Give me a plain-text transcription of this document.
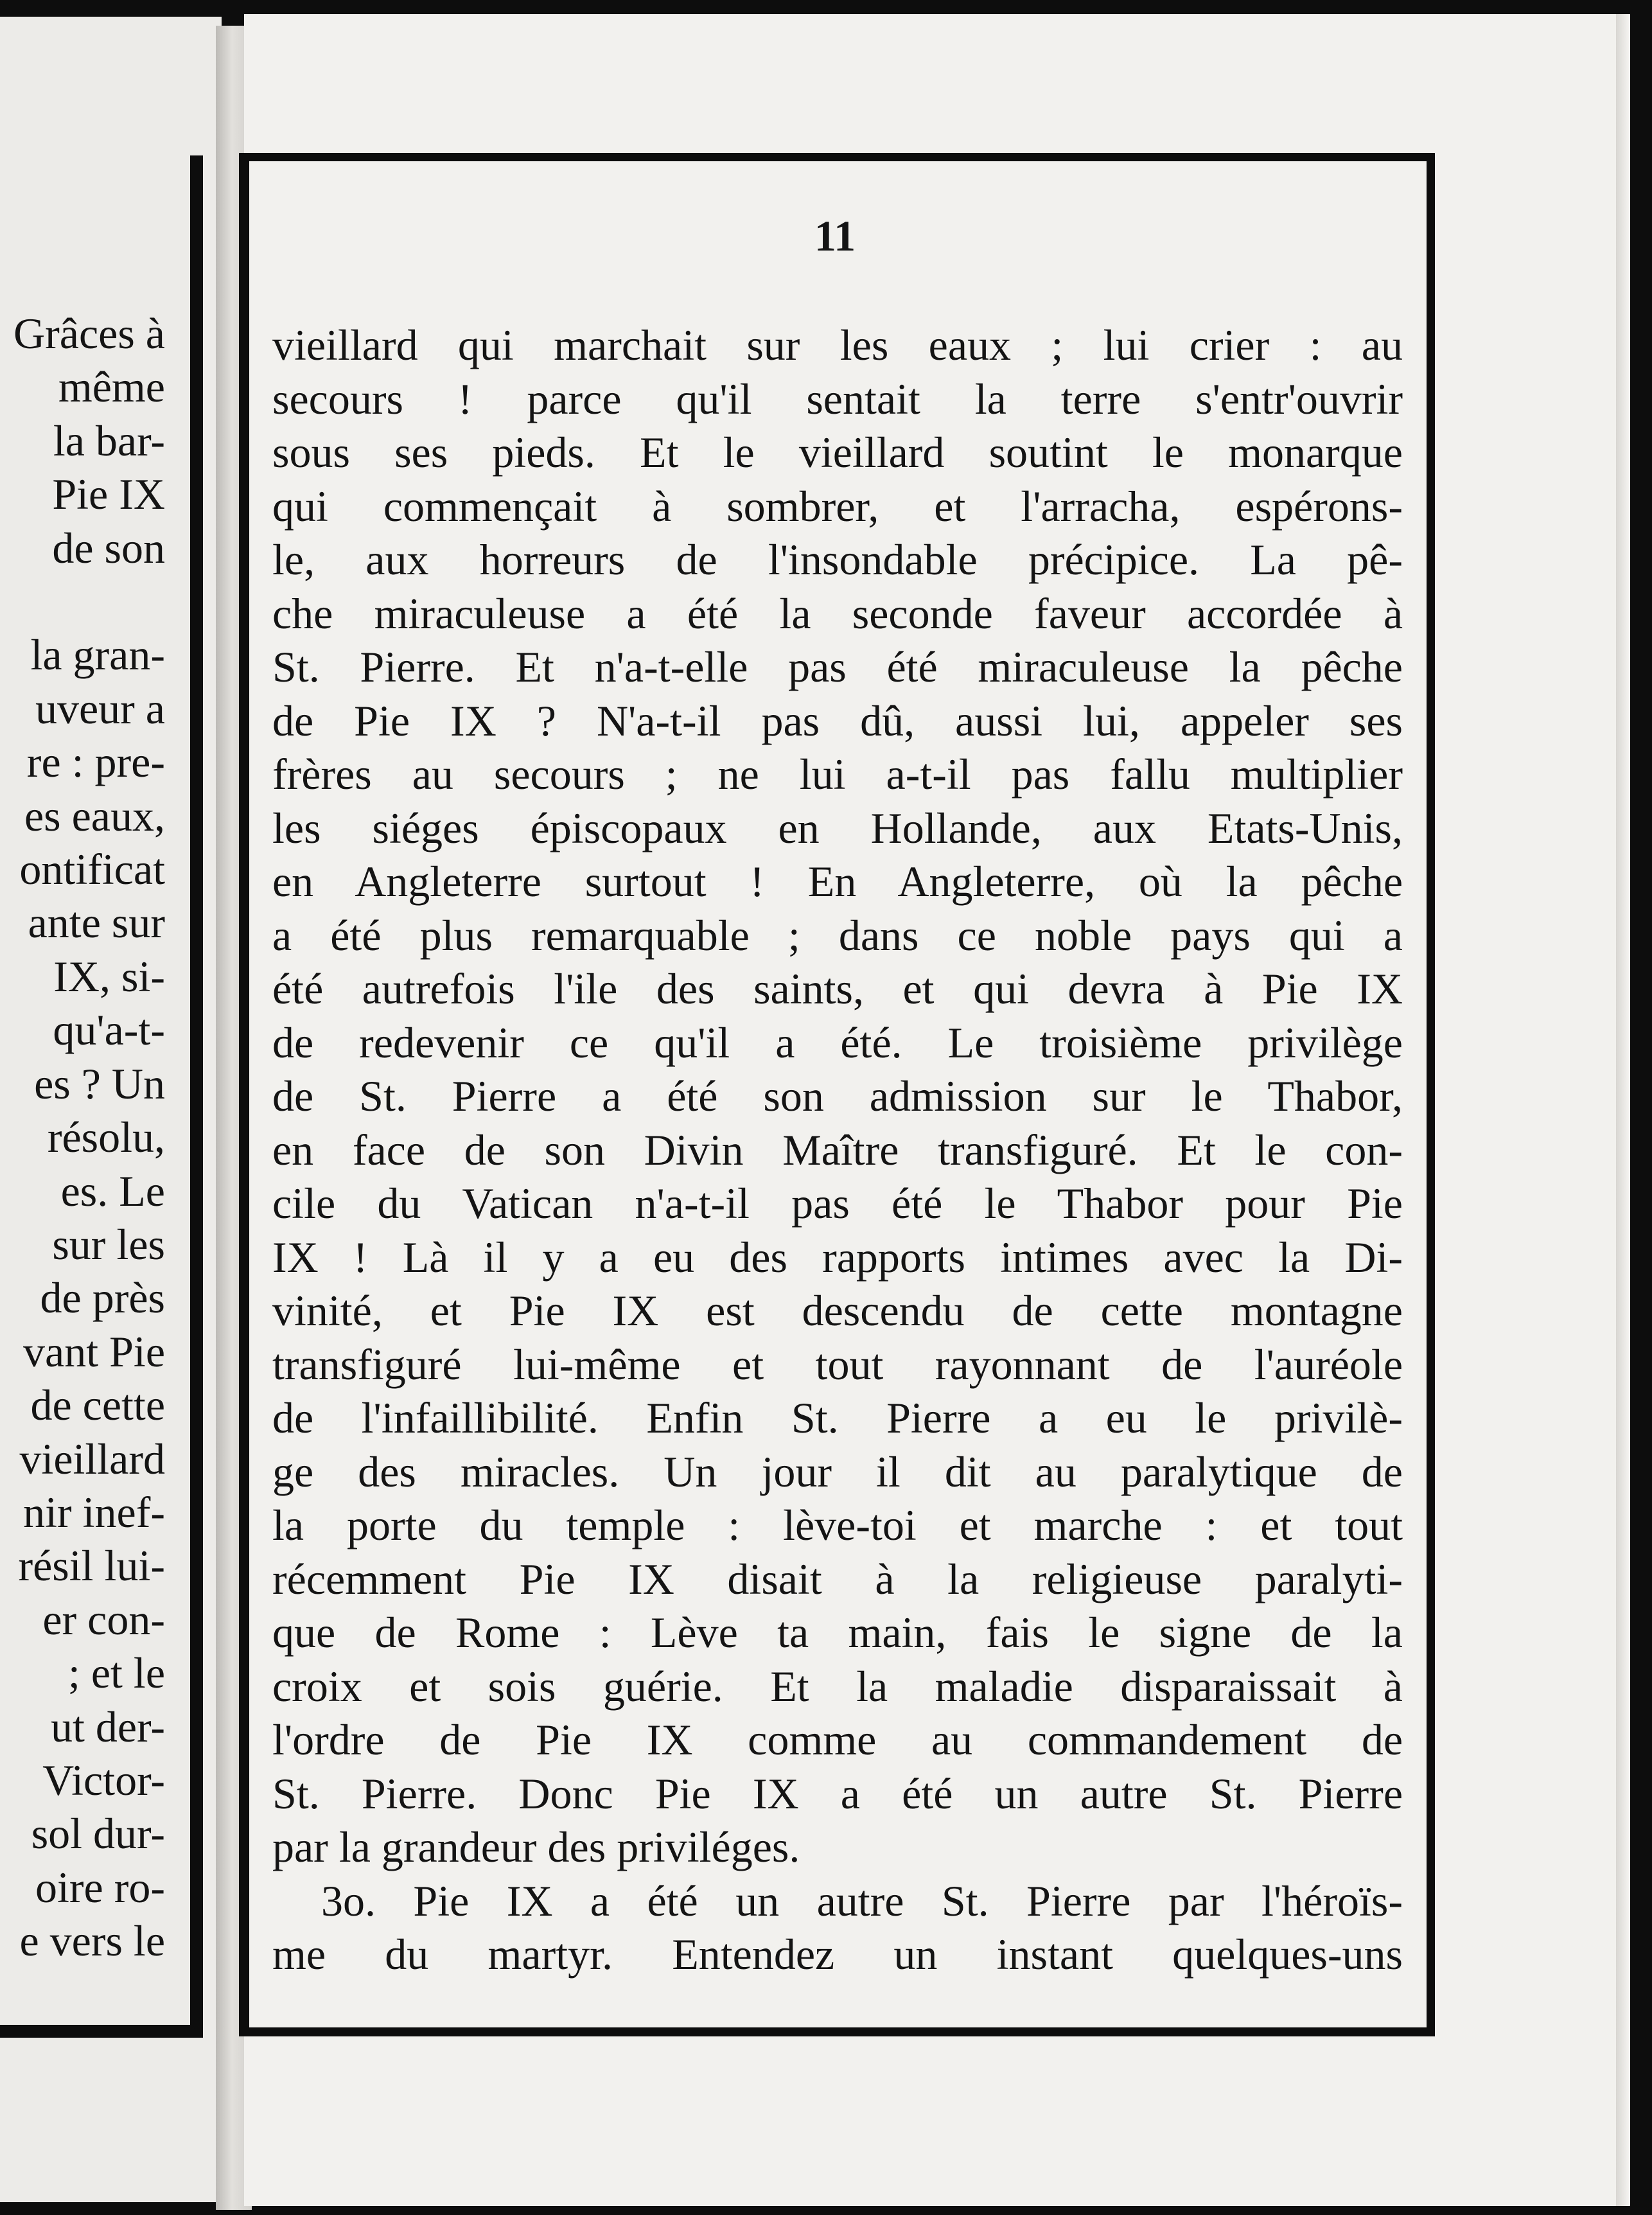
Grâces à
même
la bar-
Pie IX
de son

la gran-
uveur a
re : pre-
es eaux,
ontificat
ante sur
IX, si-
qu'a-t-
es ? Un
résolu,
es. Le
sur les
de près
vant Pie
de cette
vieillard
nir inef-
résil lui-
er con-
; et le
ut der-
Victor-
sol dur-
oire ro-
e vers le
11
vieillard qui marchait sur les eaux ; lui crier : au
secours ! parce qu'il sentait la terre s'entr'ouvrir
sous ses pieds. Et le vieillard soutint le monarque
qui commençait à sombrer, et l'arracha, espérons-
le, aux horreurs de l'insondable précipice. La pê-
che miraculeuse a été la seconde faveur accordée à
St. Pierre. Et n'a-t-elle pas été miraculeuse la pêche
de Pie IX ? N'a-t-il pas dû, aussi lui, appeler ses
frères au secours ; ne lui a-t-il pas fallu multiplier
les siéges épiscopaux en Hollande, aux Etats-Unis,
en Angleterre surtout ! En Angleterre, où la pêche
a été plus remarquable ; dans ce noble pays qui a
été autrefois l'ile des saints, et qui devra à Pie IX
de redevenir ce qu'il a été. Le troisième privilège
de St. Pierre a été son admission sur le Thabor,
en face de son Divin Maître transfiguré. Et le con-
cile du Vatican n'a-t-il pas été le Thabor pour Pie
IX ! Là il y a eu des rapports intimes avec la Di-
vinité, et Pie IX est descendu de cette montagne
transfiguré lui-même et tout rayonnant de l'auréole
de l'infaillibilité. Enfin St. Pierre a eu le privilè-
ge des miracles. Un jour il dit au paralytique de
la porte du temple : lève-toi et marche : et tout
récemment Pie IX disait à la religieuse paralyti-
que de Rome : Lève ta main, fais le signe de la
croix et sois guérie. Et la maladie disparaissait à
l'ordre de Pie IX comme au commandement de
St. Pierre. Donc Pie IX a été un autre St. Pierre
par la grandeur des priviléges.
3o. Pie IX a été un autre St. Pierre par l'héroïs-
me du martyr. Entendez un instant quelques-uns
